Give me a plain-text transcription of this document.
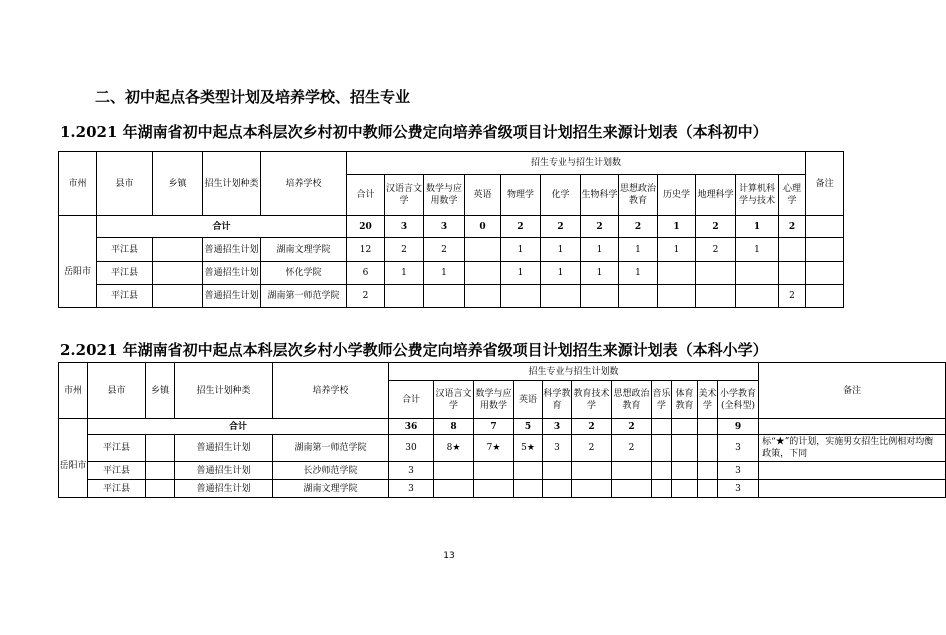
二、初中起点各类型计划及培养学校、招生专业
1.2021 年湖南省初中起点本科层次乡村初中教师公费定向培养省级项目计划招生来源计划表（本科初中）
市州	县市	乡镇	招生计划种类	培养学校	招生专业与招生计划数												备注
					合计	汉语言文学	数学与应用数学	英语	物理学	化学	生物科学	思想政治教育	历史学	地理科学	计算机科学与技术	心理学	
	合计				20	3	3	0	2	2	2	2	1	2	1	2	
岳阳市	平江县		普通招生计划	湖南文理学院	12	2	2		1	1	1	1	1	2	1		
	平江县		普通招生计划	怀化学院	6	1	1		1	1	1	1					
	平江县		普通招生计划	湖南第一师范学院	2											2	
2.2021 年湖南省初中起点本科层次乡村小学教师公费定向培养省级项目计划招生来源计划表（本科小学）
市州	县市	乡镇	招生计划种类	培养学校	招生专业与招生计划数											备注
					合计	汉语言文学	数学与应用数学	英语	科学教育	教育技术学	思想政治教育	音乐学	体育教育	美术学	小学教育(全科型)	
	合计				36	8	7	5	3	2	2				9	
岳阳市	平江县		普通招生计划	湖南第一师范学院	30	8★	7★	5★	3	2	2				3	标“★”的计划，实施男女招生比例相对均衡政策，下同
	平江县		普通招生计划	长沙师范学院	3										3	
	平江县		普通招生计划	湖南文理学院	3										3	
13
